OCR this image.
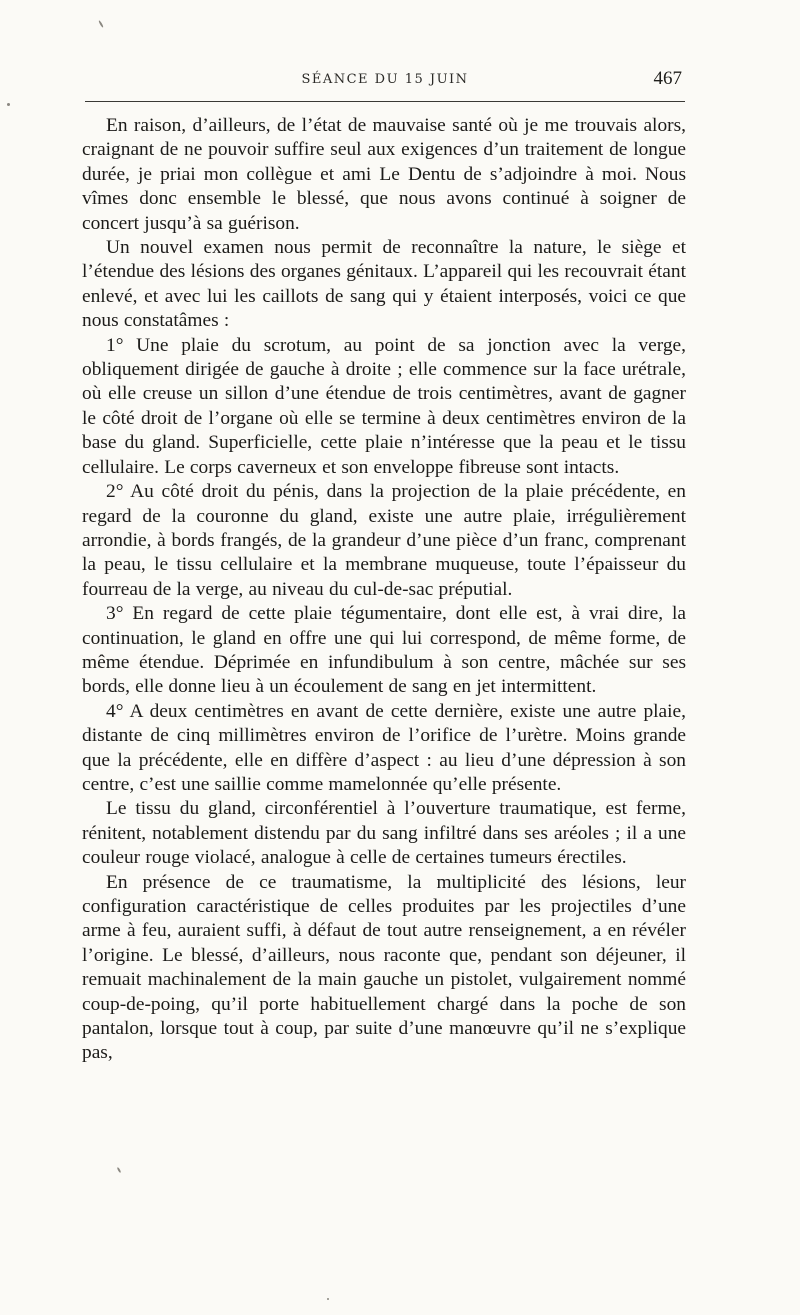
SÉANCE DU 15 JUIN	467

En raison, d’ailleurs, de l’état de mauvaise santé où je me trouvais alors, craignant de ne pouvoir suffire seul aux exigences d’un traitement de longue durée, je priai mon collègue et ami Le Dentu de s’adjoindre à moi. Nous vîmes donc ensemble le blessé, que nous avons continué à soigner de concert jusqu’à sa guérison.

Un nouvel examen nous permit de reconnaître la nature, le siège et l’étendue des lésions des organes génitaux. L’appareil qui les recouvrait étant enlevé, et avec lui les caillots de sang qui y étaient interposés, voici ce que nous constatâmes :

1° Une plaie du scrotum, au point de sa jonction avec la verge, obliquement dirigée de gauche à droite ; elle commence sur la face urétrale, où elle creuse un sillon d’une étendue de trois centimètres, avant de gagner le côté droit de l’organe où elle se termine à deux centimètres environ de la base du gland. Superficielle, cette plaie n’intéresse que la peau et le tissu cellulaire. Le corps caverneux et son enveloppe fibreuse sont intacts.

2° Au côté droit du pénis, dans la projection de la plaie précédente, en regard de la couronne du gland, existe une autre plaie, irrégulièrement arrondie, à bords frangés, de la grandeur d’une pièce d’un franc, comprenant la peau, le tissu cellulaire et la membrane muqueuse, toute l’épaisseur du fourreau de la verge, au niveau du cul-de-sac préputial.

3° En regard de cette plaie tégumentaire, dont elle est, à vrai dire, la continuation, le gland en offre une qui lui correspond, de même forme, de même étendue. Déprimée en infundibulum à son centre, mâchée sur ses bords, elle donne lieu à un écoulement de sang en jet intermittent.

4° A deux centimètres en avant de cette dernière, existe une autre plaie, distante de cinq millimètres environ de l’orifice de l’urètre. Moins grande que la précédente, elle en diffère d’aspect : au lieu d’une dépression à son centre, c’est une saillie comme mamelonnée qu’elle présente.

Le tissu du gland, circonférentiel à l’ouverture traumatique, est ferme, rénitent, notablement distendu par du sang infiltré dans ses aréoles ; il a une couleur rouge violacé, analogue à celle de certaines tumeurs érectiles.

En présence de ce traumatisme, la multiplicité des lésions, leur configuration caractéristique de celles produites par les projectiles d’une arme à feu, auraient suffi, à défaut de tout autre renseignement, a en révéler l’origine. Le blessé, d’ailleurs, nous raconte que, pendant son déjeuner, il remuait machinalement de la main gauche un pistolet, vulgairement nommé coup-de-poing, qu’il porte habituellement chargé dans la poche de son pantalon, lorsque tout à coup, par suite d’une manœuvre qu’il ne s’explique pas,
